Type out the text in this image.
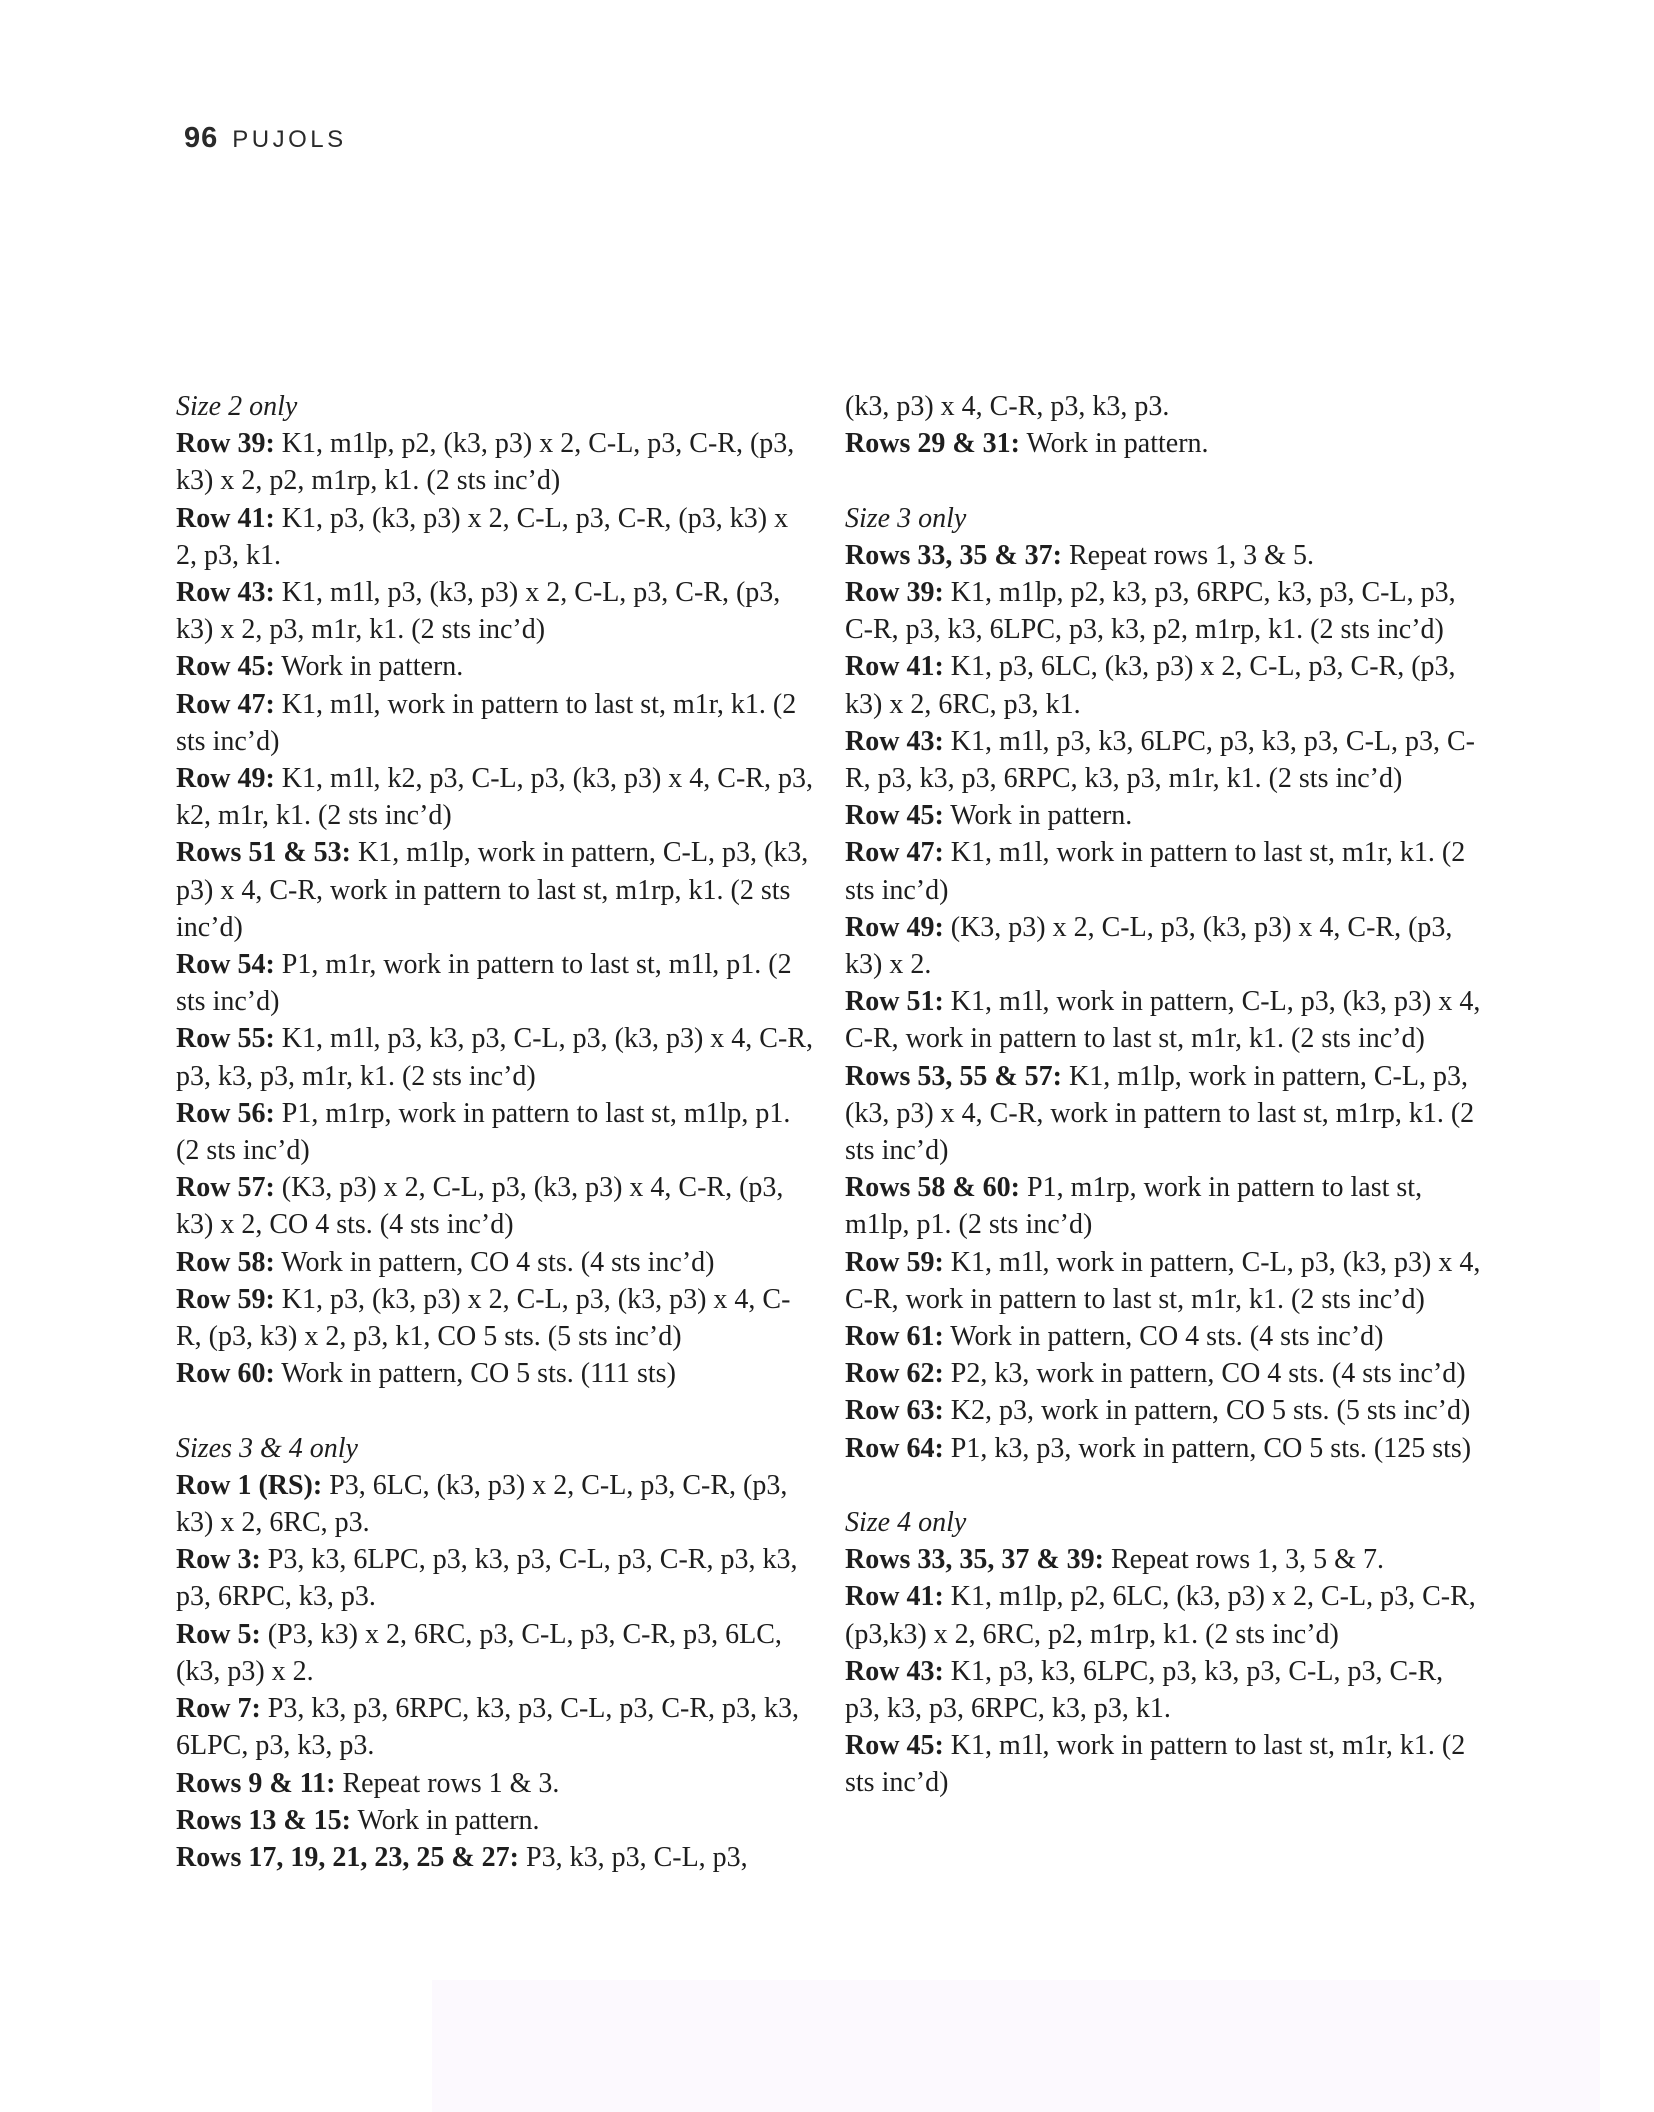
96 PUJOLS

Size 2 only

Row 39: K1, m1lp, p2, (k3, p3) x 2, C-L, p3, C-R, (p3, k3) x 2, p2, m1rp, k1. (2 sts inc’d)

Row 41: K1, p3, (k3, p3) x 2, C-L, p3, C-R, (p3, k3) x 2, p3, k1.

Row 43: K1, m1l, p3, (k3, p3) x 2, C-L, p3, C-R, (p3, k3) x 2, p3, m1r, k1. (2 sts inc’d)

Row 45: Work in pattern.

Row 47: K1, m1l, work in pattern to last st, m1r, k1. (2 sts inc’d)

Row 49: K1, m1l, k2, p3, C-L, p3, (k3, p3) x 4, C-R, p3, k2, m1r, k1. (2 sts inc’d)

Rows 51 & 53: K1, m1lp, work in pattern, C-L, p3, (k3, p3) x 4, C-R, work in pattern to last st, m1rp, k1. (2 sts inc’d)

Row 54: P1, m1r, work in pattern to last st, m1l, p1. (2 sts inc’d)

Row 55: K1, m1l, p3, k3, p3, C-L, p3, (k3, p3) x 4, C-R, p3, k3, p3, m1r, k1. (2 sts inc’d)

Row 56: P1, m1rp, work in pattern to last st, m1lp, p1. (2 sts inc’d)

Row 57: (K3, p3) x 2, C-L, p3, (k3, p3) x 4, C-R, (p3, k3) x 2, CO 4 sts. (4 sts inc’d)

Row 58: Work in pattern, CO 4 sts. (4 sts inc’d)

Row 59: K1, p3, (k3, p3) x 2, C-L, p3, (k3, p3) x 4, C-R, (p3, k3) x 2, p3, k1, CO 5 sts. (5 sts inc’d)

Row 60: Work in pattern, CO 5 sts. (111 sts)

Sizes 3 & 4 only

Row 1 (RS): P3, 6LC, (k3, p3) x 2, C-L, p3, C-R, (p3, k3) x 2, 6RC, p3.

Row 3: P3, k3, 6LPC, p3, k3, p3, C-L, p3, C-R, p3, k3, p3, 6RPC, k3, p3.

Row 5: (P3, k3) x 2, 6RC, p3, C-L, p3, C-R, p3, 6LC, (k3, p3) x 2.

Row 7: P3, k3, p3, 6RPC, k3, p3, C-L, p3, C-R, p3, k3, 6LPC, p3, k3, p3.

Rows 9 & 11: Repeat rows 1 & 3.

Rows 13 & 15: Work in pattern.

Rows 17, 19, 21, 23, 25 & 27: P3, k3, p3, C-L, p3,

(k3, p3) x 4, C-R, p3, k3, p3.

Rows 29 & 31: Work in pattern.

Size 3 only

Rows 33, 35 & 37: Repeat rows 1, 3 & 5.

Row 39: K1, m1lp, p2, k3, p3, 6RPC, k3, p3, C-L, p3, C-R, p3, k3, 6LPC, p3, k3, p2, m1rp, k1. (2 sts inc’d)

Row 41: K1, p3, 6LC, (k3, p3) x 2, C-L, p3, C-R, (p3, k3) x 2, 6RC, p3, k1.

Row 43: K1, m1l, p3, k3, 6LPC, p3, k3, p3, C-L, p3, C-R, p3, k3, p3, 6RPC, k3, p3, m1r, k1. (2 sts inc’d)

Row 45: Work in pattern.

Row 47: K1, m1l, work in pattern to last st, m1r, k1. (2 sts inc’d)

Row 49: (K3, p3) x 2, C-L, p3, (k3, p3) x 4, C-R, (p3, k3) x 2.

Row 51: K1, m1l, work in pattern, C-L, p3, (k3, p3) x 4, C-R, work in pattern to last st, m1r, k1. (2 sts inc’d)

Rows 53, 55 & 57: K1, m1lp, work in pattern, C-L, p3, (k3, p3) x 4, C-R, work in pattern to last st, m1rp, k1. (2 sts inc’d)

Rows 58 & 60: P1, m1rp, work in pattern to last st, m1lp, p1. (2 sts inc’d)

Row 59: K1, m1l, work in pattern, C-L, p3, (k3, p3) x 4, C-R, work in pattern to last st, m1r, k1. (2 sts inc’d)

Row 61: Work in pattern, CO 4 sts. (4 sts inc’d)

Row 62: P2, k3, work in pattern, CO 4 sts. (4 sts inc’d)

Row 63: K2, p3, work in pattern, CO 5 sts. (5 sts inc’d)

Row 64: P1, k3, p3, work in pattern, CO 5 sts. (125 sts)

Size 4 only

Rows 33, 35, 37 & 39: Repeat rows 1, 3, 5 & 7.

Row 41: K1, m1lp, p2, 6LC, (k3, p3) x 2, C-L, p3, C-R, (p3,k3) x 2, 6RC, p2, m1rp, k1. (2 sts inc’d)

Row 43: K1, p3, k3, 6LPC, p3, k3, p3, C-L, p3, C-R, p3, k3, p3, 6RPC, k3, p3, k1.

Row 45: K1, m1l, work in pattern to last st, m1r, k1. (2 sts inc’d)
